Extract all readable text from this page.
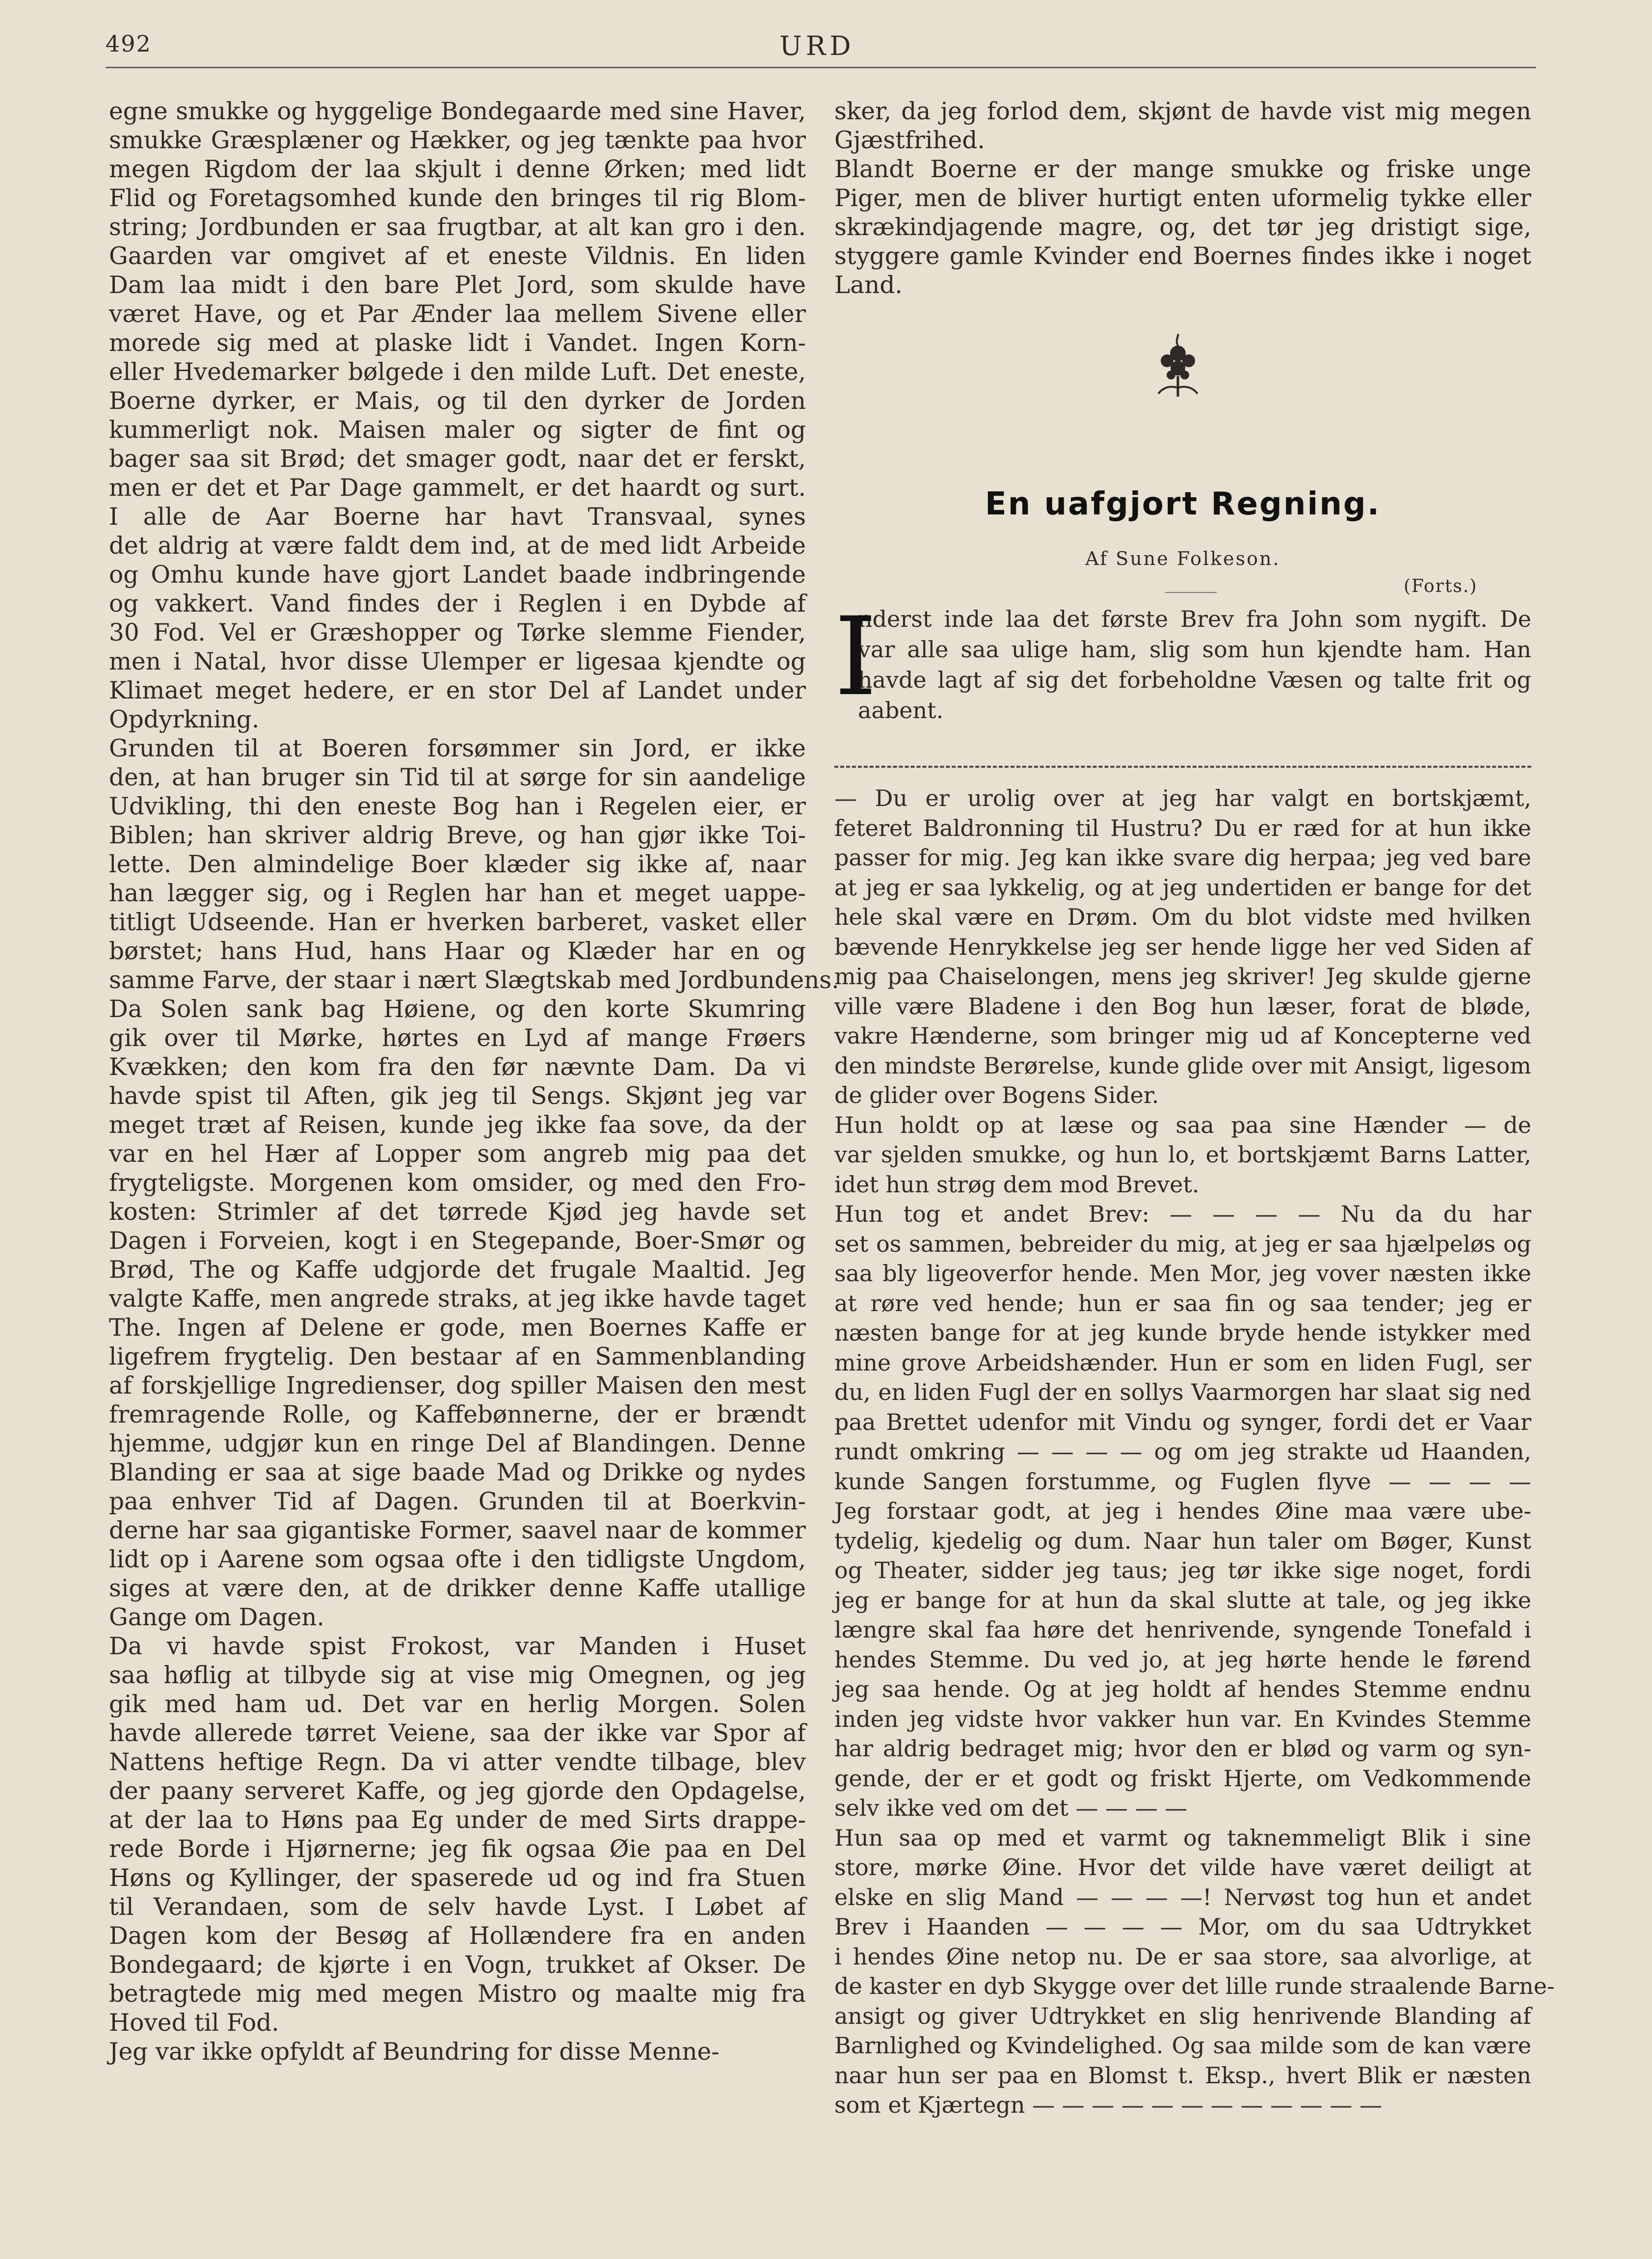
492	URD

egne smukke og hyggelige Bondegaarde med sine Haver,
smukke Græsplæner og Hækker, og jeg tænkte paa hvor
megen Rigdom der laa skjult i denne Ørken; med lidt
Flid og Foretagsomhed kunde den bringes til rig Blom-
string; Jordbunden er saa frugtbar, at alt kan gro i den.
Gaarden var omgivet af et eneste Vildnis. En liden
Dam laa midt i den bare Plet Jord, som skulde have
været Have, og et Par Ænder laa mellem Sivene eller
morede sig med at plaske lidt i Vandet. Ingen Korn-
eller Hvedemarker bølgede i den milde Luft. Det eneste,
Boerne dyrker, er Mais, og til den dyrker de Jorden
kummerligt nok. Maisen maler og sigter de fint og
bager saa sit Brød; det smager godt, naar det er ferskt,
men er det et Par Dage gammelt, er det haardt og surt.
I alle de Aar Boerne har havt Transvaal, synes
det aldrig at være faldt dem ind, at de med lidt Arbeide
og Omhu kunde have gjort Landet baade indbringende
og vakkert. Vand findes der i Reglen i en Dybde af
30 Fod. Vel er Græshopper og Tørke slemme Fiender,
men i Natal, hvor disse Ulemper er ligesaa kjendte og
Klimaet meget hedere, er en stor Del af Landet under
Opdyrkning.
Grunden til at Boeren forsømmer sin Jord, er ikke
den, at han bruger sin Tid til at sørge for sin aandelige
Udvikling, thi den eneste Bog han i Regelen eier, er
Biblen; han skriver aldrig Breve, og han gjør ikke Toi-
lette. Den almindelige Boer klæder sig ikke af, naar
han lægger sig, og i Reglen har han et meget uappe-
titligt Udseende. Han er hverken barberet, vasket eller
børstet; hans Hud, hans Haar og Klæder har en og
samme Farve, der staar i nært Slægtskab med Jordbundens.
Da Solen sank bag Høiene, og den korte Skumring
gik over til Mørke, hørtes en Lyd af mange Frøers
Kvækken; den kom fra den før nævnte Dam. Da vi
havde spist til Aften, gik jeg til Sengs. Skjønt jeg var
meget træt af Reisen, kunde jeg ikke faa sove, da der
var en hel Hær af Lopper som angreb mig paa det
frygteligste. Morgenen kom omsider, og med den Fro-
kosten: Strimler af det tørrede Kjød jeg havde set
Dagen i Forveien, kogt i en Stegepande, Boer-Smør og
Brød, The og Kaffe udgjorde det frugale Maaltid. Jeg
valgte Kaffe, men angrede straks, at jeg ikke havde taget
The. Ingen af Delene er gode, men Boernes Kaffe er
ligefrem frygtelig. Den bestaar af en Sammenblanding
af forskjellige Ingredienser, dog spiller Maisen den mest
fremragende Rolle, og Kaffebønnerne, der er brændt
hjemme, udgjør kun en ringe Del af Blandingen. Denne
Blanding er saa at sige baade Mad og Drikke og nydes
paa enhver Tid af Dagen. Grunden til at Boerkvin-
derne har saa gigantiske Former, saavel naar de kommer
lidt op i Aarene som ogsaa ofte i den tidligste Ungdom,
siges at være den, at de drikker denne Kaffe utallige
Gange om Dagen.
Da vi havde spist Frokost, var Manden i Huset
saa høflig at tilbyde sig at vise mig Omegnen, og jeg
gik med ham ud. Det var en herlig Morgen. Solen
havde allerede tørret Veiene, saa der ikke var Spor af
Nattens heftige Regn. Da vi atter vendte tilbage, blev
der paany serveret Kaffe, og jeg gjorde den Opdagelse,
at der laa to Høns paa Eg under de med Sirts drappe-
rede Borde i Hjørnerne; jeg fik ogsaa Øie paa en Del
Høns og Kyllinger, der spaserede ud og ind fra Stuen
til Verandaen, som de selv havde Lyst. I Løbet af
Dagen kom der Besøg af Hollændere fra en anden
Bondegaard; de kjørte i en Vogn, trukket af Okser. De
betragtede mig med megen Mistro og maalte mig fra
Hoved til Fod.
Jeg var ikke opfyldt af Beundring for disse Menne-

sker, da jeg forlod dem, skjønt de havde vist mig megen
Gjæstfrihed.
Blandt Boerne er der mange smukke og friske unge
Piger, men de bliver hurtigt enten uformelig tykke eller
skrækindjagende magre, og, det tør jeg dristigt sige,
styggere gamle Kvinder end Boernes findes ikke i noget
Land.

En uafgjort Regning.
Af Sune Folkeson.
(Forts.)
I

nderst inde laa det første Brev fra John som nygift. De
var alle saa ulige ham, slig som hun kjendte ham. Han
havde lagt af sig det forbeholdne Væsen og talte frit og
aabent.

— Du er urolig over at jeg har valgt en bortskjæmt,
feteret Baldronning til Hustru? Du er ræd for at hun ikke
passer for mig. Jeg kan ikke svare dig herpaa; jeg ved bare
at jeg er saa lykkelig, og at jeg undertiden er bange for det
hele skal være en Drøm. Om du blot vidste med hvilken
bævende Henrykkelse jeg ser hende ligge her ved Siden af
mig paa Chaiselongen, mens jeg skriver! Jeg skulde gjerne
ville være Bladene i den Bog hun læser, forat de bløde,
vakre Hænderne, som bringer mig ud af Koncepterne ved
den mindste Berørelse, kunde glide over mit Ansigt, ligesom
de glider over Bogens Sider.
Hun holdt op at læse og saa paa sine Hænder — de
var sjelden smukke, og hun lo, et bortskjæmt Barns Latter,
idet hun strøg dem mod Brevet.
Hun tog et andet Brev: — — — — Nu da du har
set os sammen, bebreider du mig, at jeg er saa hjælpeløs og
saa bly ligeoverfor hende. Men Mor, jeg vover næsten ikke
at røre ved hende; hun er saa fin og saa tender; jeg er
næsten bange for at jeg kunde bryde hende istykker med
mine grove Arbeidshænder. Hun er som en liden Fugl, ser
du, en liden Fugl der en sollys Vaarmorgen har slaat sig ned
paa Brettet udenfor mit Vindu og synger, fordi det er Vaar
rundt omkring — — — — og om jeg strakte ud Haanden,
kunde Sangen forstumme, og Fuglen flyve — — — —
Jeg forstaar godt, at jeg i hendes Øine maa være ube-
tydelig, kjedelig og dum. Naar hun taler om Bøger, Kunst
og Theater, sidder jeg taus; jeg tør ikke sige noget, fordi
jeg er bange for at hun da skal slutte at tale, og jeg ikke
længre skal faa høre det henrivende, syngende Tonefald i
hendes Stemme. Du ved jo, at jeg hørte hende le førend
jeg saa hende. Og at jeg holdt af hendes Stemme endnu
inden jeg vidste hvor vakker hun var. En Kvindes Stemme
har aldrig bedraget mig; hvor den er blød og varm og syn-
gende, der er et godt og friskt Hjerte, om Vedkommende
selv ikke ved om det — — — —
Hun saa op med et varmt og taknemmeligt Blik i sine
store, mørke Øine. Hvor det vilde have været deiligt at
elske en slig Mand — — — —! Nervøst tog hun et andet
Brev i Haanden — — — — Mor, om du saa Udtrykket
i hendes Øine netop nu. De er saa store, saa alvorlige, at
de kaster en dyb Skygge over det lille runde straalende Barne-
ansigt og giver Udtrykket en slig henrivende Blanding af
Barnlighed og Kvindelighed. Og saa milde som de kan være
naar hun ser paa en Blomst t. Eksp., hvert Blik er næsten
som et Kjærtegn — — — — — — — — — — — —
